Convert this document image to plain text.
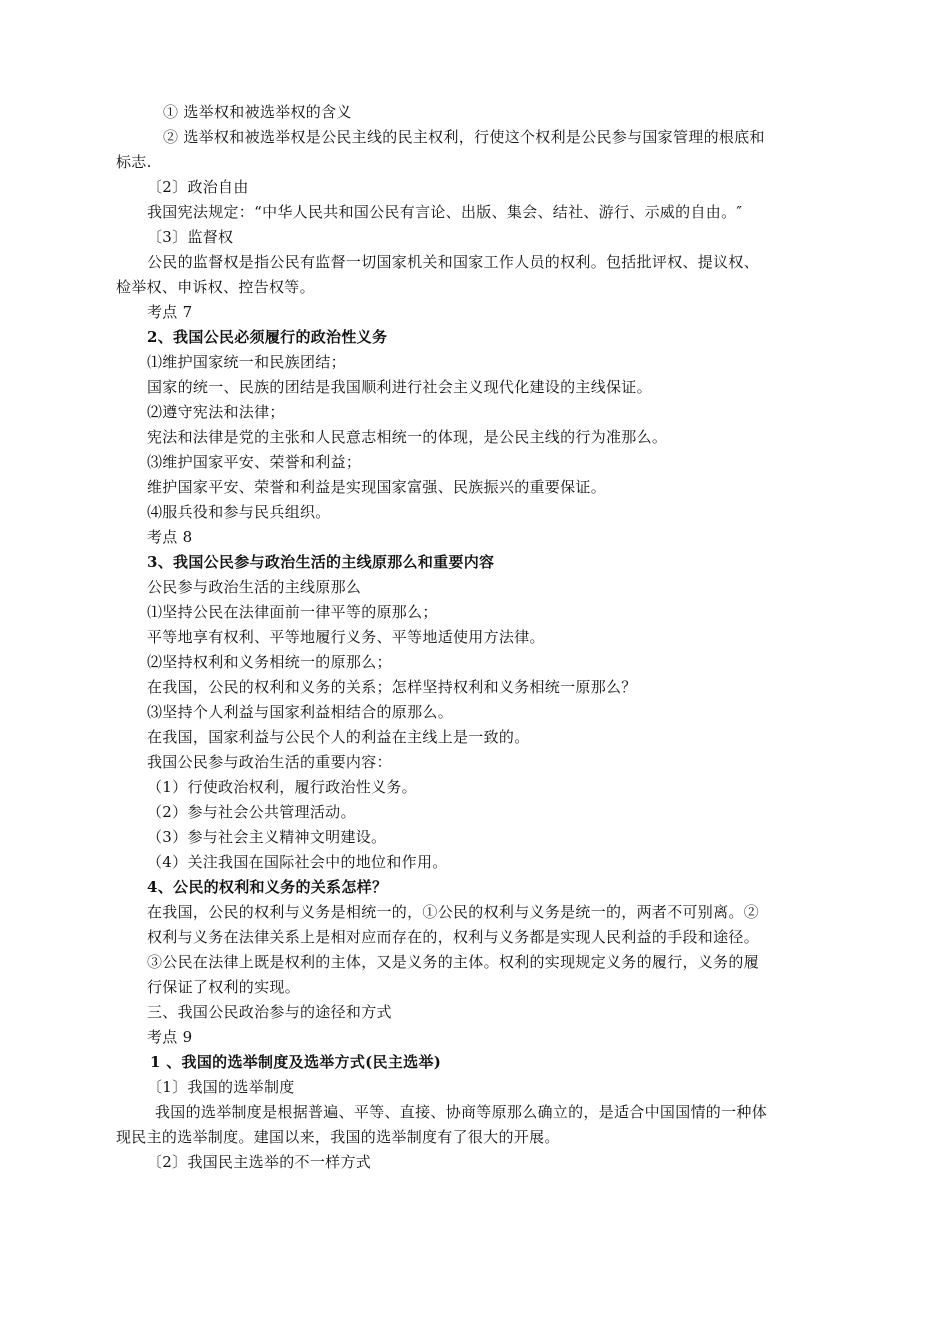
① 选举权和被选举权的含义
② 选举权和被选举权是公民主线的民主权利，行使这个权利是公民参与国家管理的根底和
标志.
〔2〕政治自由
我国宪法规定：“中华人民共和国公民有言论、出版、集会、结社、游行、示威的自由。″
〔3〕监督权
公民的监督权是指公民有监督一切国家机关和国家工作人员的权利。包括批评权、提议权、
检举权、申诉权、控告权等。
考点 7
2、我国公民必须履行的政治性义务
⑴维护国家统一和民族团结；
国家的统一、民族的团结是我国顺利进行社会主义现代化建设的主线保证。
⑵遵守宪法和法律；
宪法和法律是党的主张和人民意志相统一的体现，是公民主线的行为准那么。
⑶维护国家平安、荣誉和利益；
维护国家平安、荣誉和利益是实现国家富强、民族振兴的重要保证。
⑷服兵役和参与民兵组织。
考点 8
3、我国公民参与政治生活的主线原那么和重要内容
公民参与政治生活的主线原那么
⑴坚持公民在法律面前一律平等的原那么；
平等地享有权利、平等地履行义务、平等地适使用方法律。
⑵坚持权利和义务相统一的原那么；
在我国，公民的权利和义务的关系；怎样坚持权利和义务相统一原那么？
⑶坚持个人利益与国家利益相结合的原那么。
在我国，国家利益与公民个人的利益在主线上是一致的。
我国公民参与政治生活的重要内容：
（1）行使政治权利，履行政治性义务。
（2）参与社会公共管理活动。
（3）参与社会主义精神文明建设。
（4）关注我国在国际社会中的地位和作用。
4、公民的权利和义务的关系怎样？
在我国，公民的权利与义务是相统一的，①公民的权利与义务是统一的，两者不可别离。②
权利与义务在法律关系上是相对应而存在的，权利与义务都是实现人民利益的手段和途径。
③公民在法律上既是权利的主体，又是义务的主体。权利的实现规定义务的履行，义务的履
行保证了权利的实现。
三、我国公民政治参与的途径和方式
考点 9
1 、我国的选举制度及选举方式(民主选举)
〔1〕我国的选举制度
我国的选举制度是根据普遍、平等、直接、协商等原那么确立的，是适合中国国情的一种体
现民主的选举制度。建国以来，我国的选举制度有了很大的开展。
〔2〕我国民主选举的不一样方式
